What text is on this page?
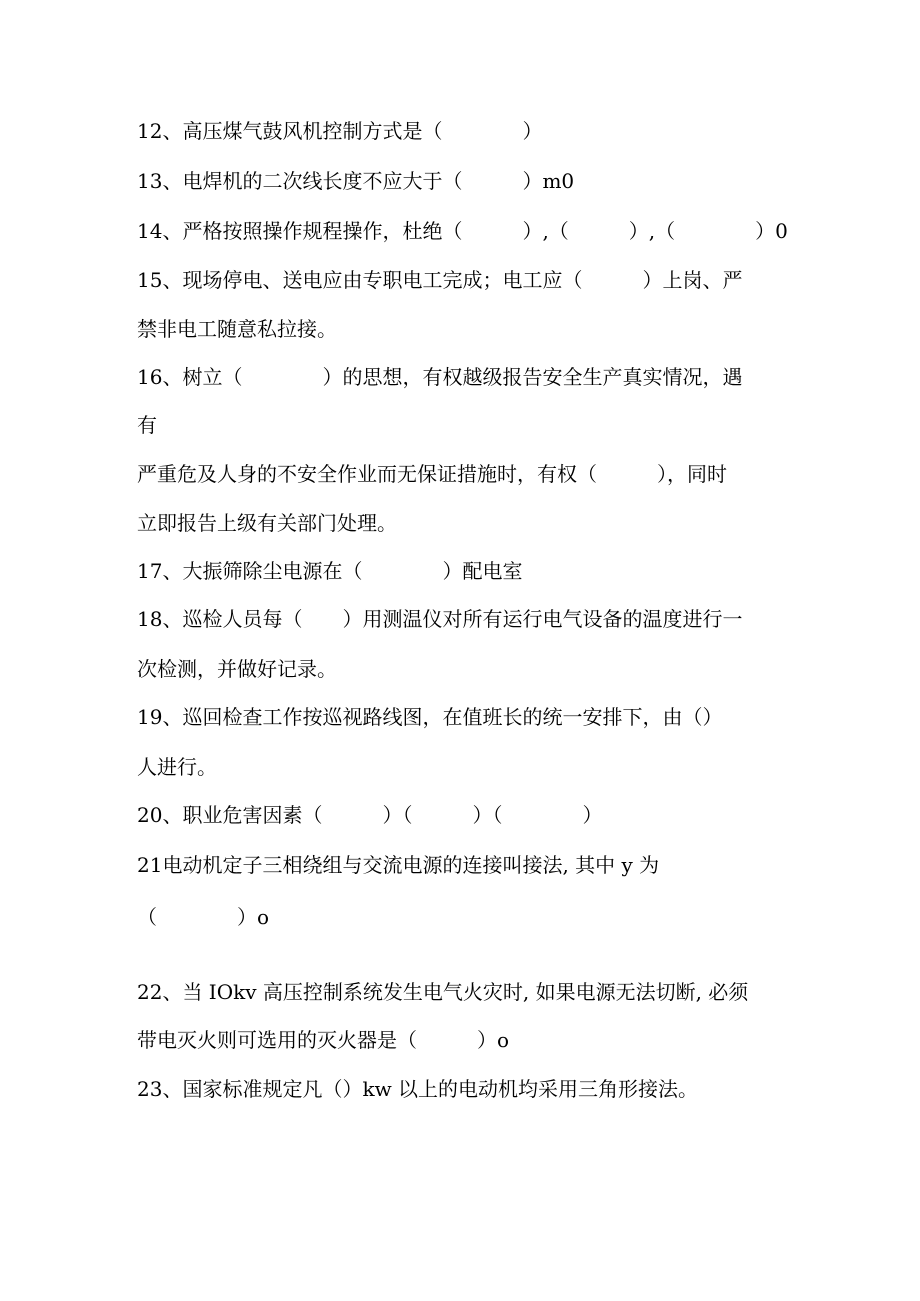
12、高压煤气鼓风机控制方式是（　　　　）
13、电焊机的二次线长度不应大于（　　　）m0
14、严格按照操作规程操作，杜绝（　　　）,（　　　）,（　　　　）0
15、现场停电、送电应由专职电工完成；电工应（　　　）上岗、严
禁非电工随意私拉接。
16、树立（　　　　）的思想，有权越级报告安全生产真实情况，遇
有
严重危及人身的不安全作业而无保证措施时，有权（　　　），同时
立即报告上级有关部门处理。
17、大振筛除尘电源在（　　　　）配电室
18、巡检人员每（　　）用测温仪对所有运行电气设备的温度进行一
次检测，并做好记录。
19、巡回检查工作按巡视路线图，在值班长的统一安排下，由（）
人进行。
20、职业危害因素（　　　）（　　　）（　　　　）
21电动机定子三相绕组与交流电源的连接叫接法, 其中 y 为
（　　　　）o
22、当 IOkv 高压控制系统发生电气火灾时, 如果电源无法切断, 必须
带电灭火则可选用的灭火器是（　　　）o
23、国家标准规定凡（）kw 以上的电动机均采用三角形接法。
